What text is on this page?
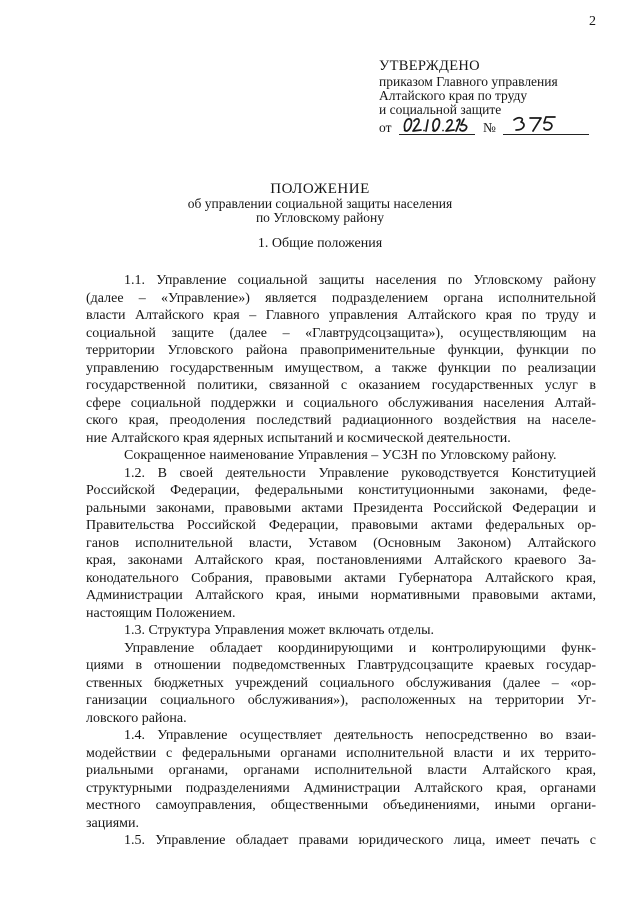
2
УТВЕРЖДЕНО
приказом Главного управления
Алтайского края по труду
и социальной защите
от	№
ПОЛОЖЕНИЕ
об управлении социальной защиты населения
по Угловскому району
1. Общие положения

1.1. Управление социальной защиты населения по Угловскому району

(далее – «Управление») является подразделением органа исполнительной

власти Алтайского края – Главного управления Алтайского края по труду и

социальной защите (далее – «Главтрудсоцзащита»), осуществляющим на

территории Угловского района правоприменительные функции, функции по

управлению государственным имуществом, а также функции по реализации

государственной политики, связанной с оказанием государственных услуг в

сфере социальной поддержки и социального обслуживания населения Алтай-

ского края, преодоления последствий радиационного воздействия на населе-

ние Алтайского края ядерных испытаний и космической деятельности.

Сокращенное наименование Управления – УСЗН по Угловскому району.

1.2. В своей деятельности Управление руководствуется Конституцией

Российской Федерации, федеральными конституционными законами, феде-

ральными законами, правовыми актами Президента Российской Федерации и

Правительства Российской Федерации, правовыми актами федеральных ор-

ганов исполнительной власти, Уставом (Основным Законом) Алтайского

края, законами Алтайского края, постановлениями Алтайского краевого За-

конодательного Собрания, правовыми актами Губернатора Алтайского края,

Администрации Алтайского края, иными нормативными правовыми актами,

настоящим Положением.

1.3. Структура Управления может включать отделы.

Управление обладает координирующими и контролирующими функ-

циями в отношении подведомственных Главтрудсоцзащите краевых государ-

ственных бюджетных учреждений социального обслуживания (далее – «ор-

ганизации социального обслуживания»), расположенных на территории Уг-

ловского района.

1.4. Управление осуществляет деятельность непосредственно во взаи-

модействии с федеральными органами исполнительной власти и их террито-

риальными органами, органами исполнительной власти Алтайского края,

структурными подразделениями Администрации Алтайского края, органами

местного самоуправления, общественными объединениями, иными органи-

зациями.

1.5. Управление обладает правами юридического лица, имеет печать с
